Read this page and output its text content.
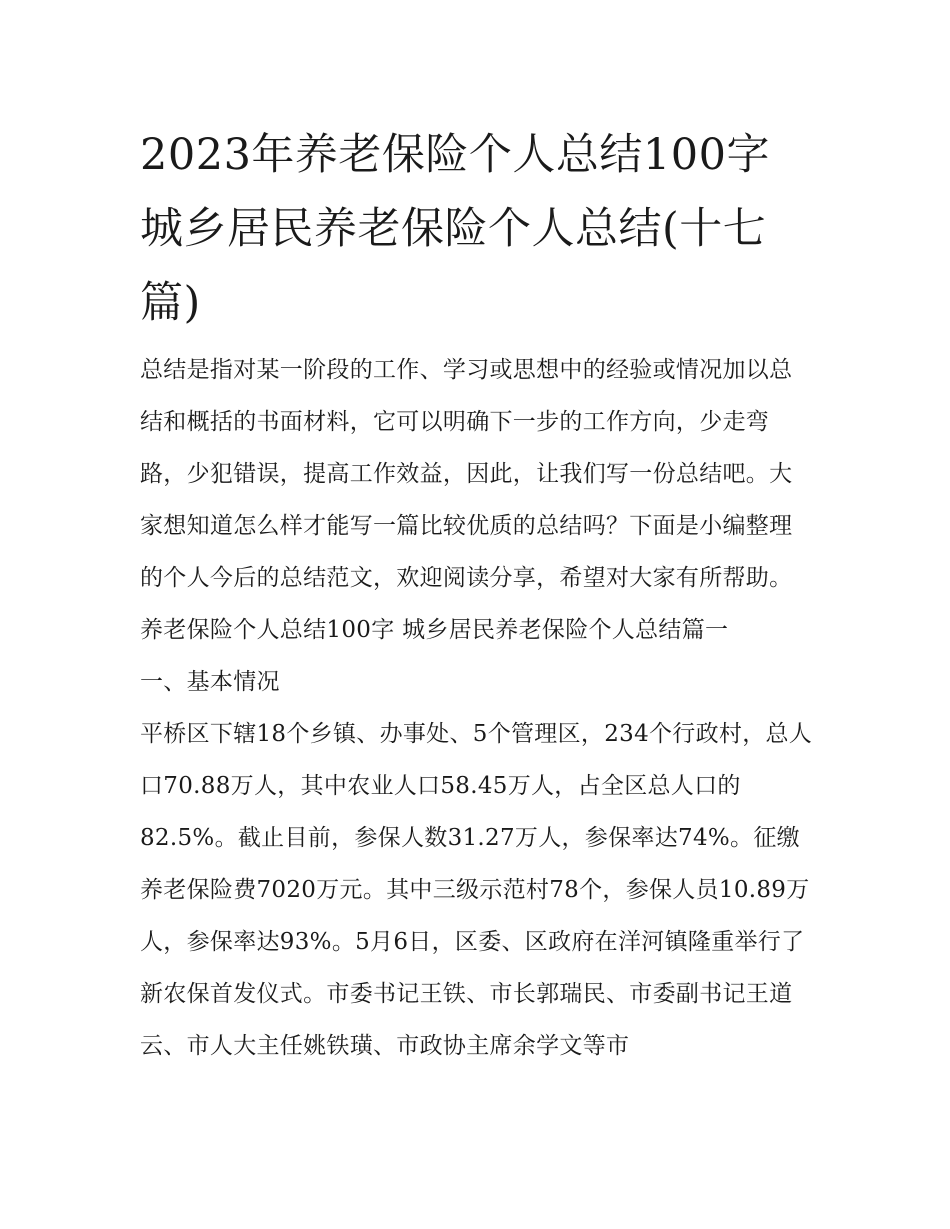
2023年养老保险个人总结100字 城乡居民养老保险个人总结(十七篇)

总结是指对某一阶段的工作、学习或思想中的经验或情况加以总结和概括的书面材料，它可以明确下一步的工作方向，少走弯路，少犯错误，提高工作效益，因此，让我们写一份总结吧。大家想知道怎么样才能写一篇比较优质的总结吗？下面是小编整理的个人今后的总结范文，欢迎阅读分享，希望对大家有所帮助。

养老保险个人总结100字 城乡居民养老保险个人总结篇一

一、基本情况

平桥区下辖18个乡镇、办事处、5个管理区，234个行政村，总人口70.88万人，其中农业人口58.45万人，占全区总人口的82.5%。截止目前，参保人数31.27万人，参保率达74%。征缴养老保险费7020万元。其中三级示范村78个，参保人员10.89万人，参保率达93%。5月6日，区委、区政府在洋河镇隆重举行了新农保首发仪式。市委书记王铁、市长郭瑞民、市委副书记王道云、市人大主任姚铁璜、市政协主席余学文等市
